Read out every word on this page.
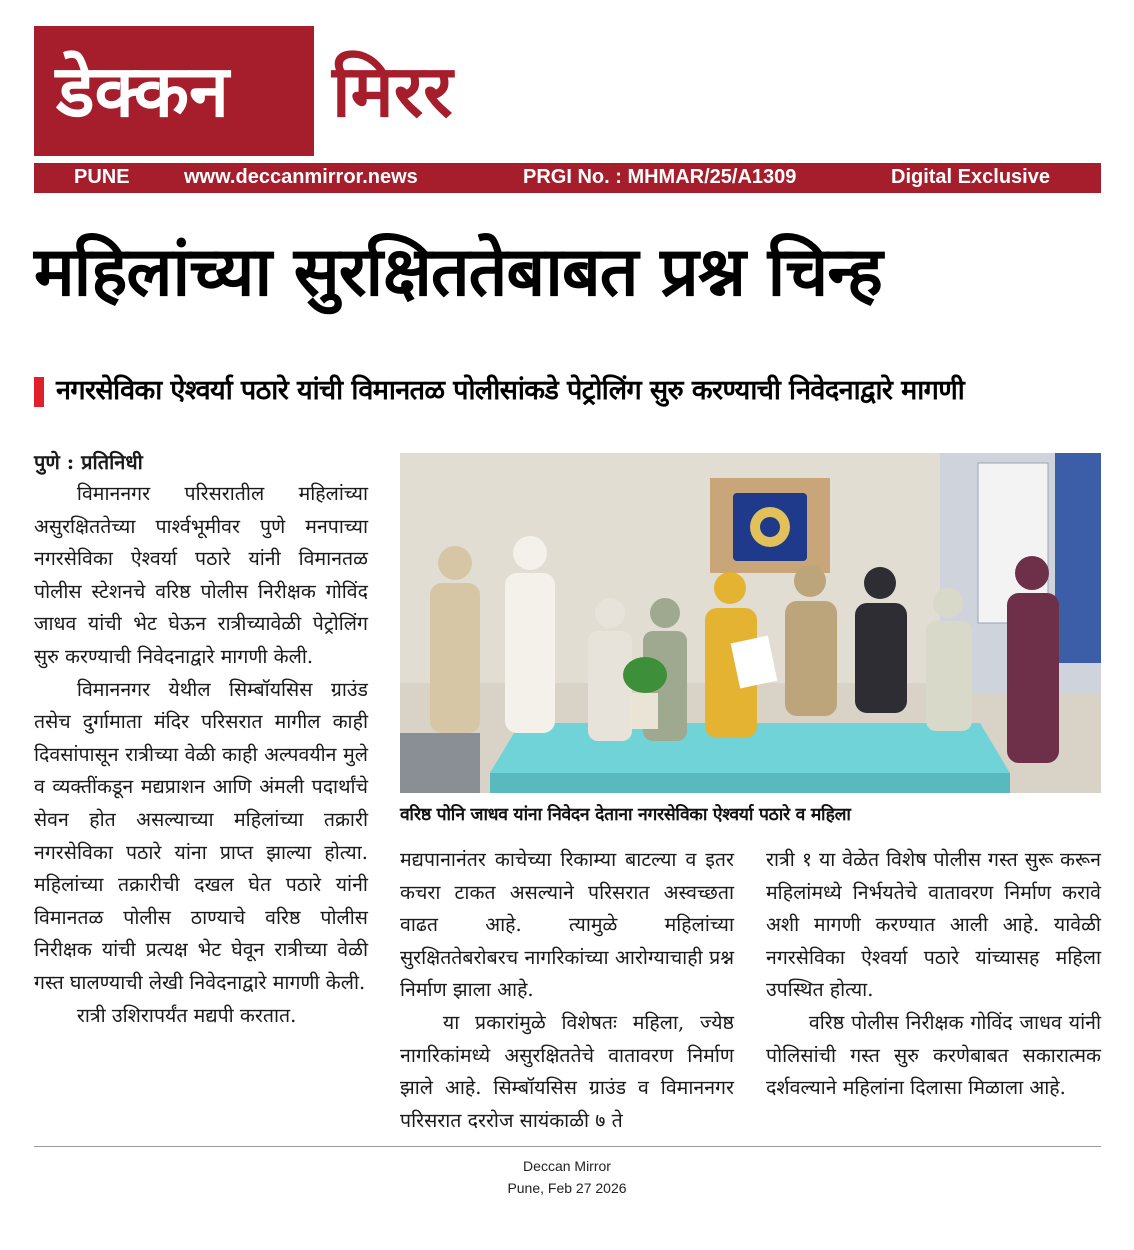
डेक्कन मिरर
PUNE	www.deccanmirror.news	PRGI No. : MHMAR/25/A1309	Digital Exclusive
महिलांच्या सुरक्षिततेबाबत प्रश्न चिन्ह
नगरसेविका ऐश्वर्या पठारे यांची विमानतळ पोलीसांकडे पेट्रोलिंग सुरु करण्याची निवेदनाद्वारे मागणी
पुणे : प्रतिनिधी

विमाननगर परिसरातील महिलांच्या असुरक्षिततेच्या पार्श्वभूमीवर पुणे मनपाच्या नगरसेविका ऐश्वर्या पठारे यांनी विमानतळ पोलीस स्टेशनचे वरिष्ठ पोलीस निरीक्षक गोविंद जाधव यांची भेट घेऊन रात्रीच्यावेळी पेट्रोलिंग सुरु करण्याची निवेदनाद्वारे मागणी केली.

विमाननगर येथील सिम्बॉयसिस ग्राउंड तसेच दुर्गामाता मंदिर परिसरात मागील काही दिवसांपासून रात्रीच्या वेळी काही अल्पवयीन मुले व व्यक्तींकडून मद्यप्राशन आणि अंमली पदार्थांचे सेवन होत असल्याच्या महिलांच्या तक्रारी नगरसेविका पठारे यांना प्राप्त झाल्या होत्या. महिलांच्या तक्रारीची दखल घेत पठारे यांनी विमानतळ पोलीस ठाण्याचे वरिष्ठ पोलीस निरीक्षक यांची प्रत्यक्ष भेट घेवून रात्रीच्या वेळी गस्त घालण्याची लेखी निवेदनाद्वारे मागणी केली.

रात्री उशिरापर्यंत मद्यपी करतात.

वरिष्ठ पोनि जाधव यांना निवेदन देताना नगरसेविका ऐश्वर्या पठारे व महिला

मद्यपानानंतर काचेच्या रिकाम्या बाटल्या व इतर कचरा टाकत असल्याने परिसरात अस्वच्छता वाढत आहे. त्यामुळे महिलांच्या सुरक्षिततेबरोबरच नागरिकांच्या आरोग्याचाही प्रश्न निर्माण झाला आहे.

या प्रकारांमुळे विशेषतः महिला, ज्येष्ठ नागरिकांमध्ये असुरक्षिततेचे वातावरण निर्माण झाले आहे. सिम्बॉयसिस ग्राउंड व विमाननगर परिसरात दररोज सायंकाळी ७ ते

रात्री १ या वेळेत विशेष पोलीस गस्त सुरू करून महिलांमध्ये निर्भयतेचे वातावरण निर्माण करावे अशी मागणी करण्यात आली आहे. यावेळी नगरसेविका ऐश्वर्या पठारे यांच्यासह महिला उपस्थित होत्या.

वरिष्ठ पोलीस निरीक्षक गोविंद जाधव यांनी पोलिसांची गस्त सुरु करणेबाबत सकारात्मक दर्शवल्याने महिलांना दिलासा मिळाला आहे.

Deccan Mirror
Pune, Feb 27 2026
